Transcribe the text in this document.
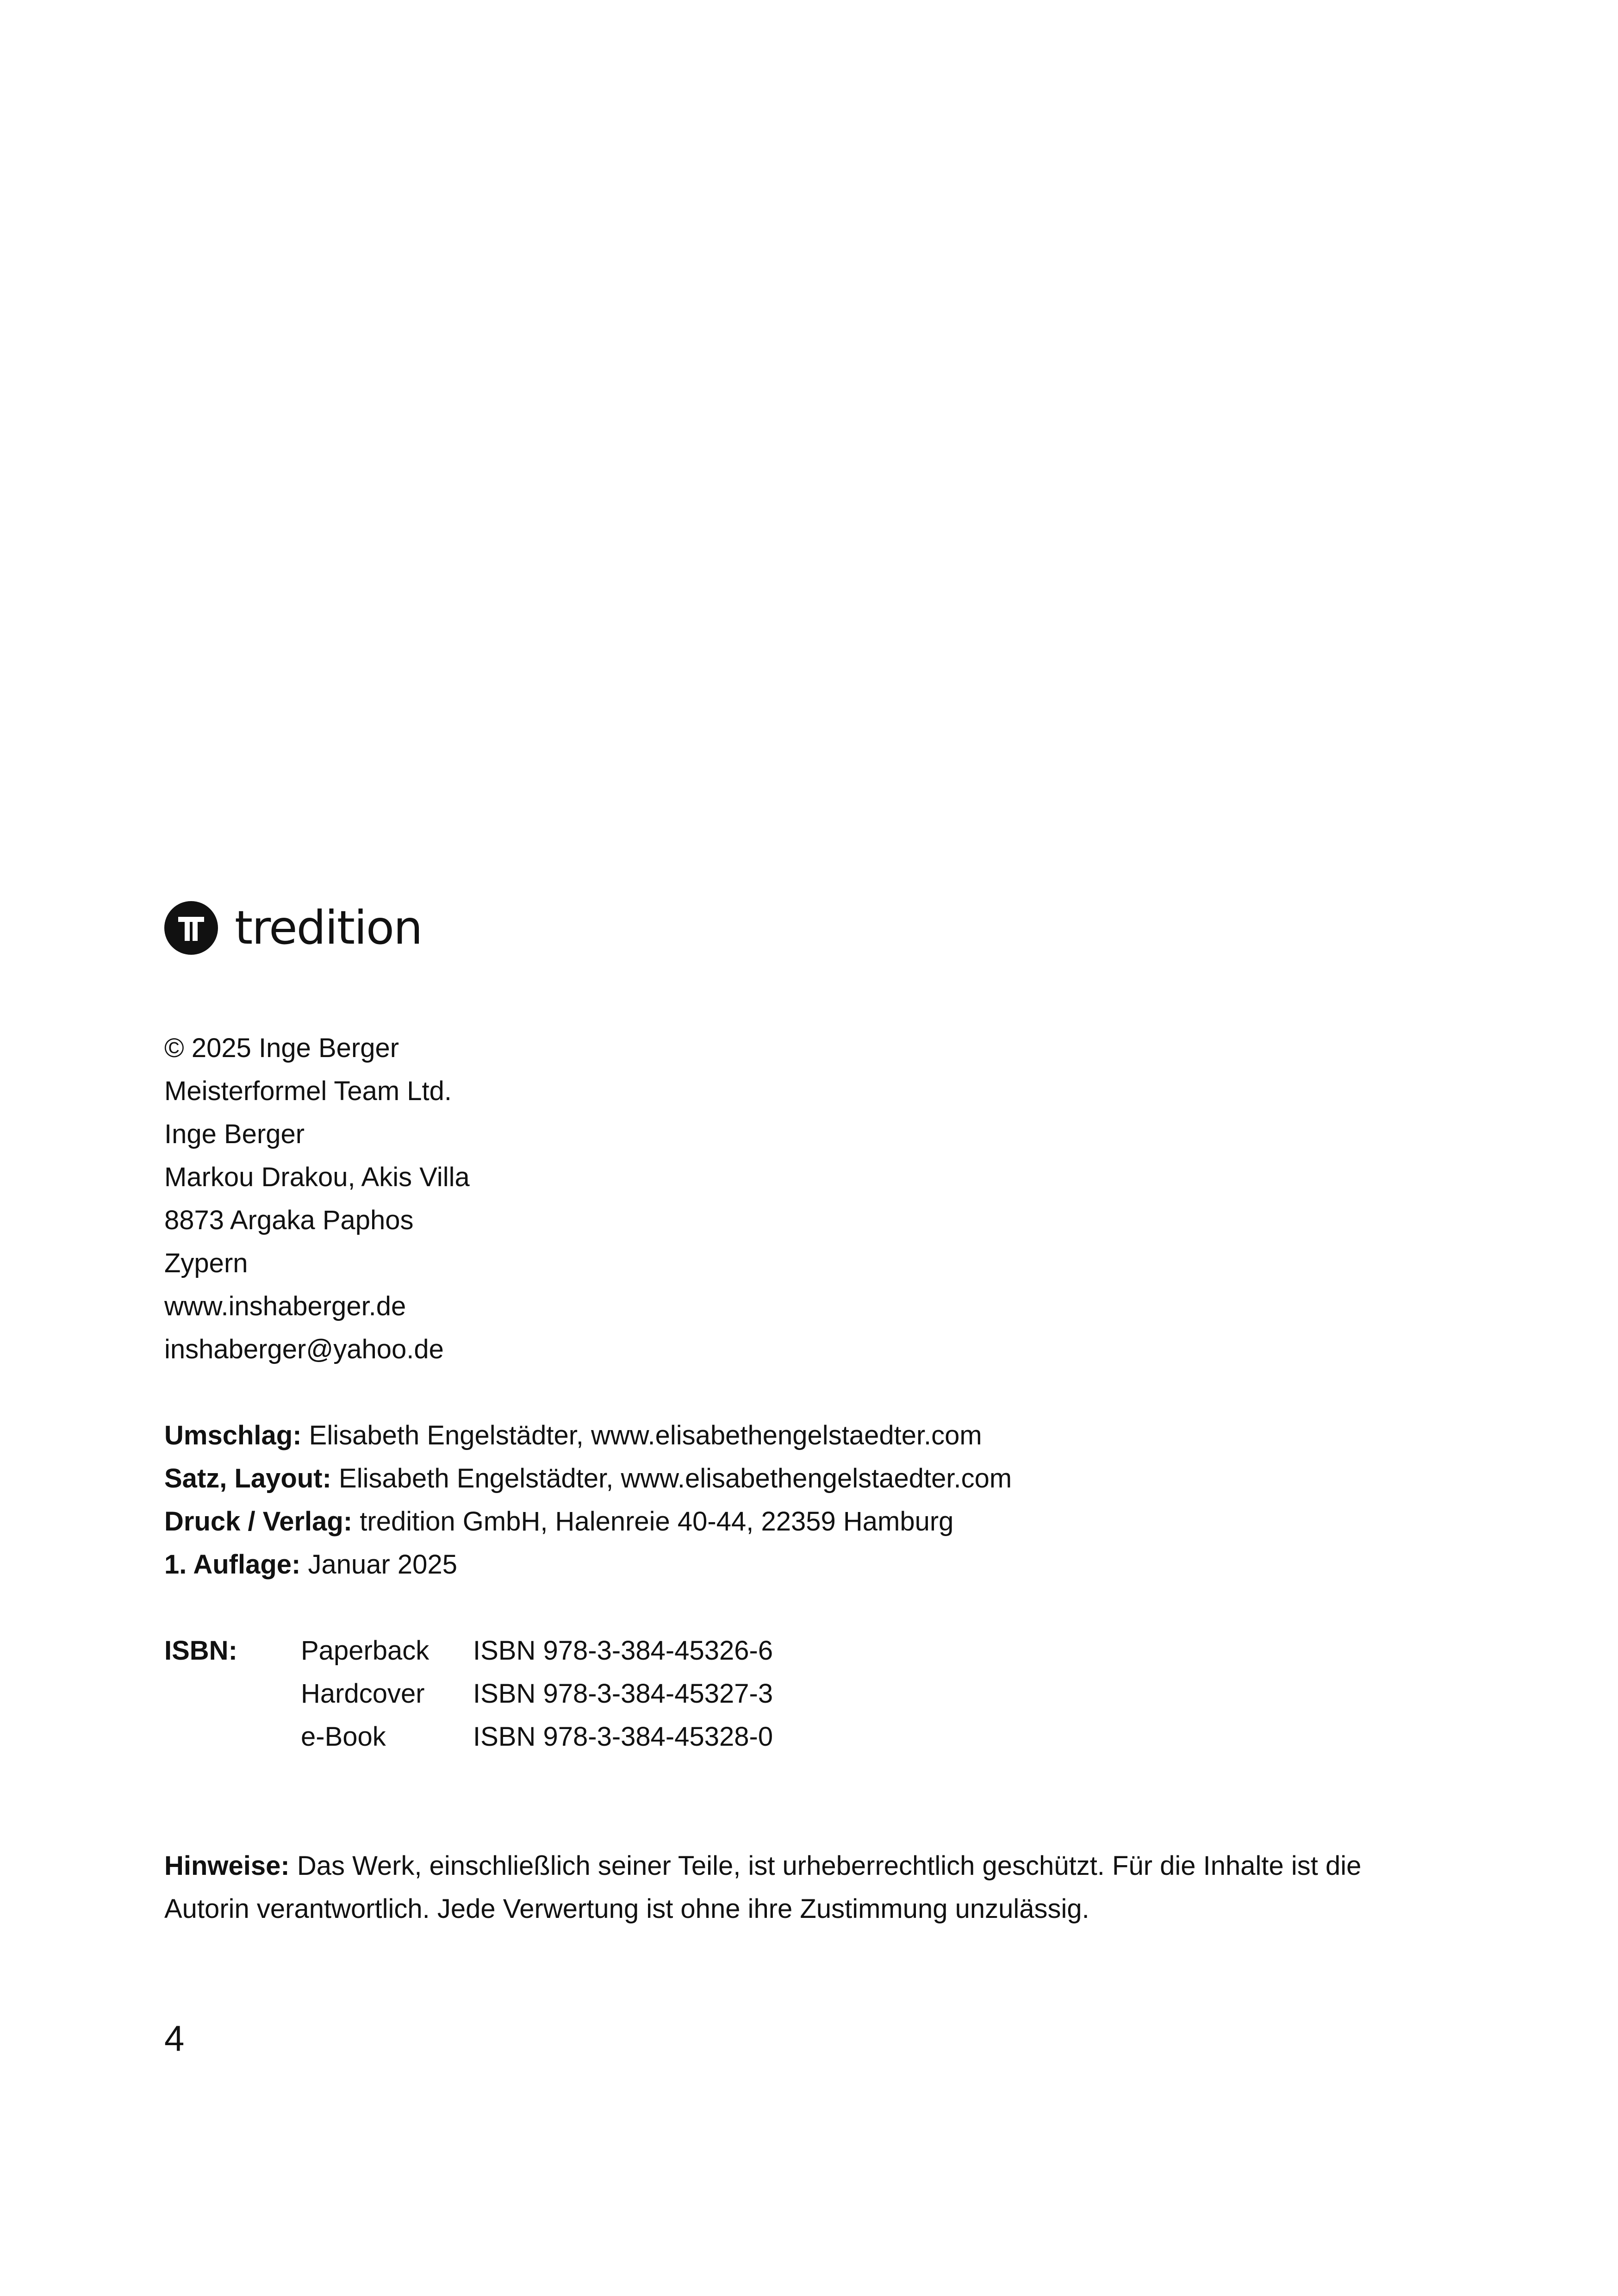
tredition
© 2025 Inge Berger
Meisterformel Team Ltd.
Inge Berger
Markou Drakou, Akis Villa
8873 Argaka Paphos
Zypern
www.inshaberger.de
inshaberger@yahoo.de
Umschlag: Elisabeth Engelstädter, www.elisabethengelstaedter.com
Satz, Layout: Elisabeth Engelstädter, www.elisabethengelstaedter.com
Druck / Verlag: tredition GmbH, Halenreie 40-44, 22359 Hamburg
1. Auflage: Januar 2025
ISBN:	Paperback	ISBN 978-3-384-45326-6
Hardcover	ISBN 978-3-384-45327-3
e-Book	ISBN 978-3-384-45328-0
Hinweise: Das Werk, einschließlich seiner Teile, ist urheberrechtlich geschützt. Für die Inhalte ist die
Autorin verantwortlich. Jede Verwertung ist ohne ihre Zustimmung unzulässig.
4
